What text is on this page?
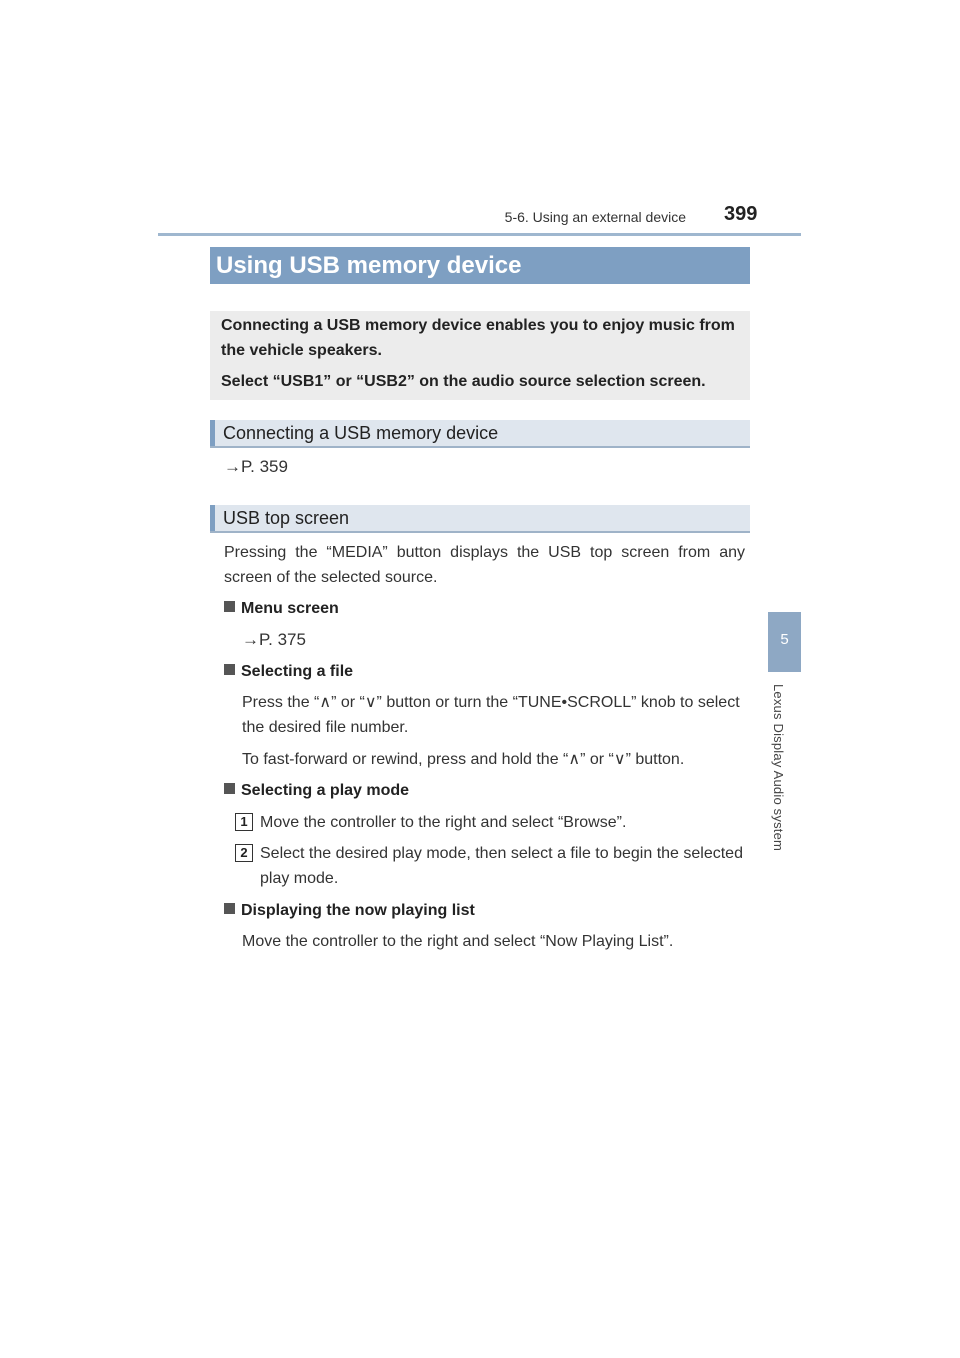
5-6. Using an external device 399
5
Lexus Display Audio system
Using USB memory device

Connecting a USB memory device enables you to enjoy music from the vehicle speakers.

Select “USB1” or “USB2” on the audio source selection screen.

Connecting a USB memory device
→P. 359
USB top screen
Pressing the “MEDIA” button displays the USB top screen from any screen of the selected source.
Menu screen
→P. 375
Selecting a file
Press the “∧” or “∨” button or turn the “TUNE•SCROLL” knob to select the desired file number.
To fast-forward or rewind, press and hold the “∧” or “∨” button.
Selecting a play mode
1 Move the controller to the right and select “Browse”.
2 Select the desired play mode, then select a file to begin the selected play mode.
Displaying the now playing list
Move the controller to the right and select “Now Playing List”.
